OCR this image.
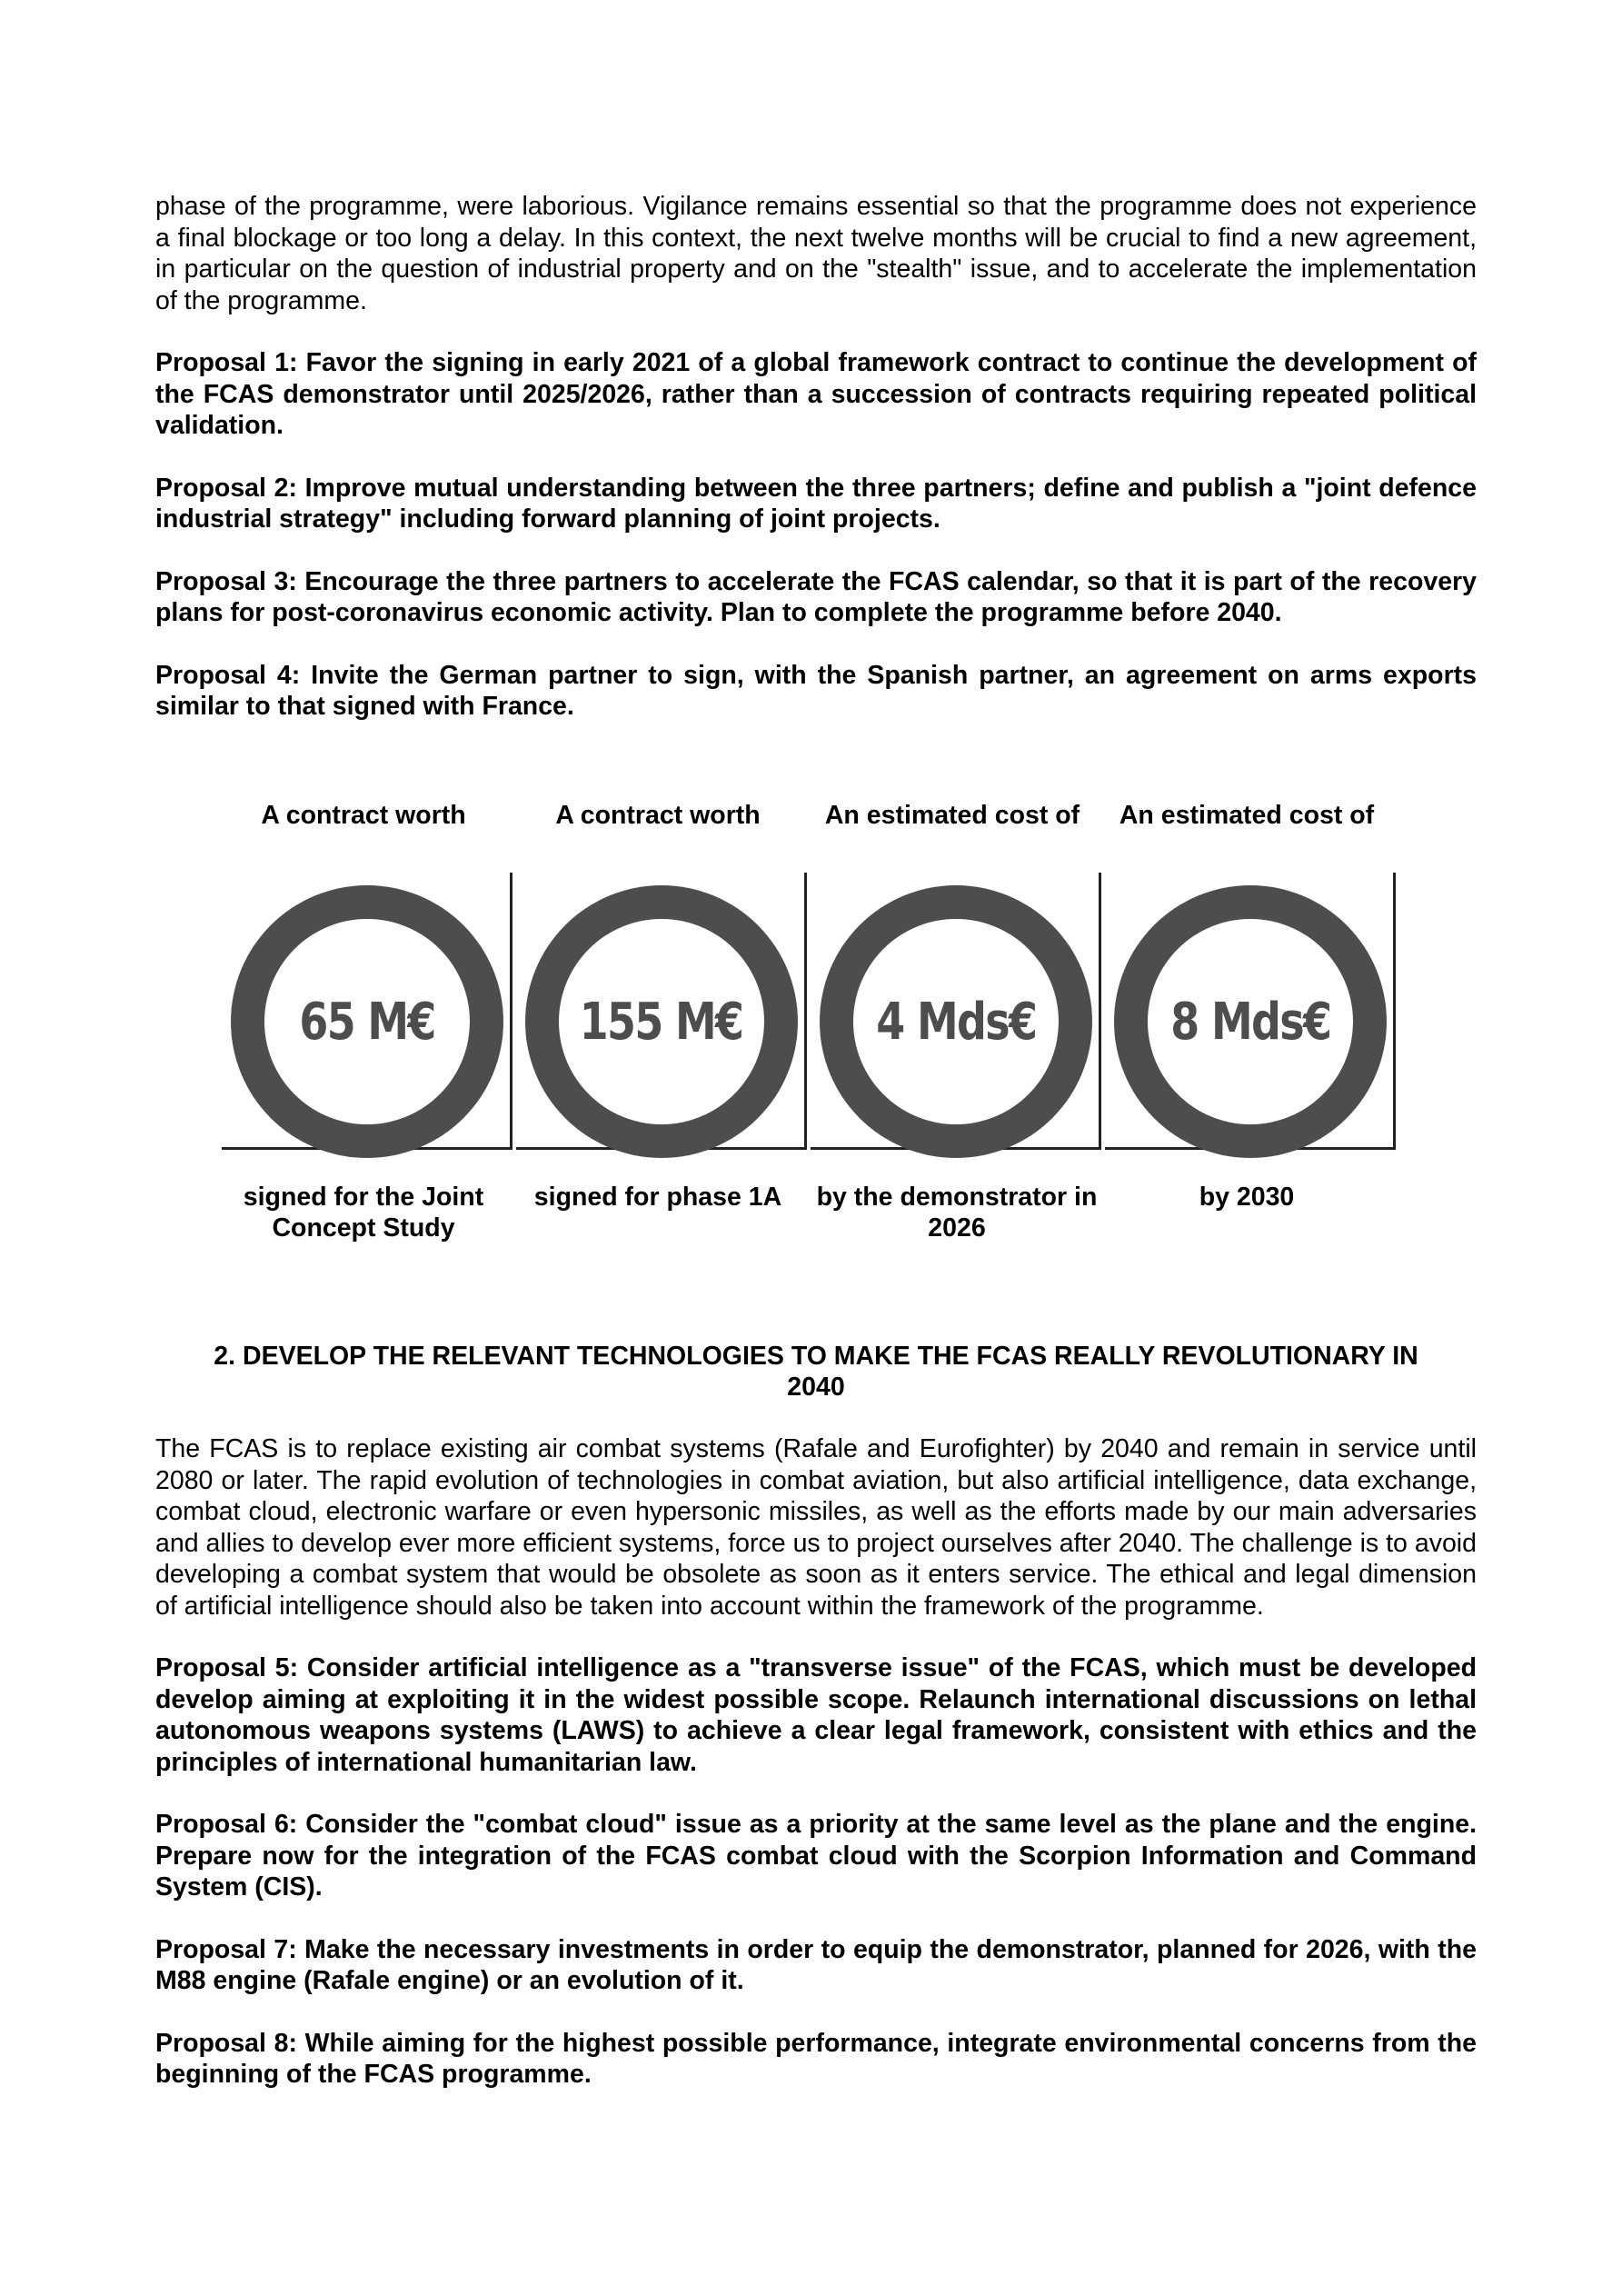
phase of the programme, were laborious. Vigilance remains essential so that the programme does not experience a final blockage or too long a delay. In this context, the next twelve months will be crucial to find a new agreement, in particular on the question of industrial property and on the "stealth" issue, and to accelerate the implementation of the programme.

Proposal 1: Favor the signing in early 2021 of a global framework contract to continue the development of the FCAS demonstrator until 2025/2026, rather than a succession of contracts requiring repeated political validation.

Proposal 2: Improve mutual understanding between the three partners; define and publish a "joint defence industrial strategy" including forward planning of joint projects.

Proposal 3: Encourage the three partners to accelerate the FCAS calendar, so that it is part of the recovery plans for post-coronavirus economic activity. Plan to complete the programme before 2040.

Proposal 4: Invite the German partner to sign, with the Spanish partner, an agreement on arms exports similar to that signed with France.

A contract worth
65 M€
signed for the Joint Concept Study
A contract worth
155 M€
signed for phase 1A
An estimated cost of
4 Mds€
by the demonstrator in 2026
An estimated cost of
8 Mds€
by 2030
2. DEVELOP THE RELEVANT TECHNOLOGIES TO MAKE THE FCAS REALLY REVOLUTIONARY IN
2040

The FCAS is to replace existing air combat systems (Rafale and Eurofighter) by 2040 and remain in service until 2080 or later. The rapid evolution of technologies in combat aviation, but also artificial intelligence, data exchange, combat cloud, electronic warfare or even hypersonic missiles, as well as the efforts made by our main adversaries and allies to develop ever more efficient systems, force us to project ourselves after 2040. The challenge is to avoid developing a combat system that would be obsolete as soon as it enters service. The ethical and legal dimension of artificial intelligence should also be taken into account within the framework of the programme.

Proposal 5: Consider artificial intelligence as a "transverse issue" of the FCAS, which must be developed develop aiming at exploiting it in the widest possible scope. Relaunch international discussions on lethal autonomous weapons systems (LAWS) to achieve a clear legal framework, consistent with ethics and the principles of international humanitarian law.

Proposal 6: Consider the "combat cloud" issue as a priority at the same level as the plane and the engine. Prepare now for the integration of the FCAS combat cloud with the Scorpion Information and Command System (CIS).

Proposal 7: Make the necessary investments in order to equip the demonstrator, planned for 2026, with the M88 engine (Rafale engine) or an evolution of it.

Proposal 8: While aiming for the highest possible performance, integrate environmental concerns from the beginning of the FCAS programme.
